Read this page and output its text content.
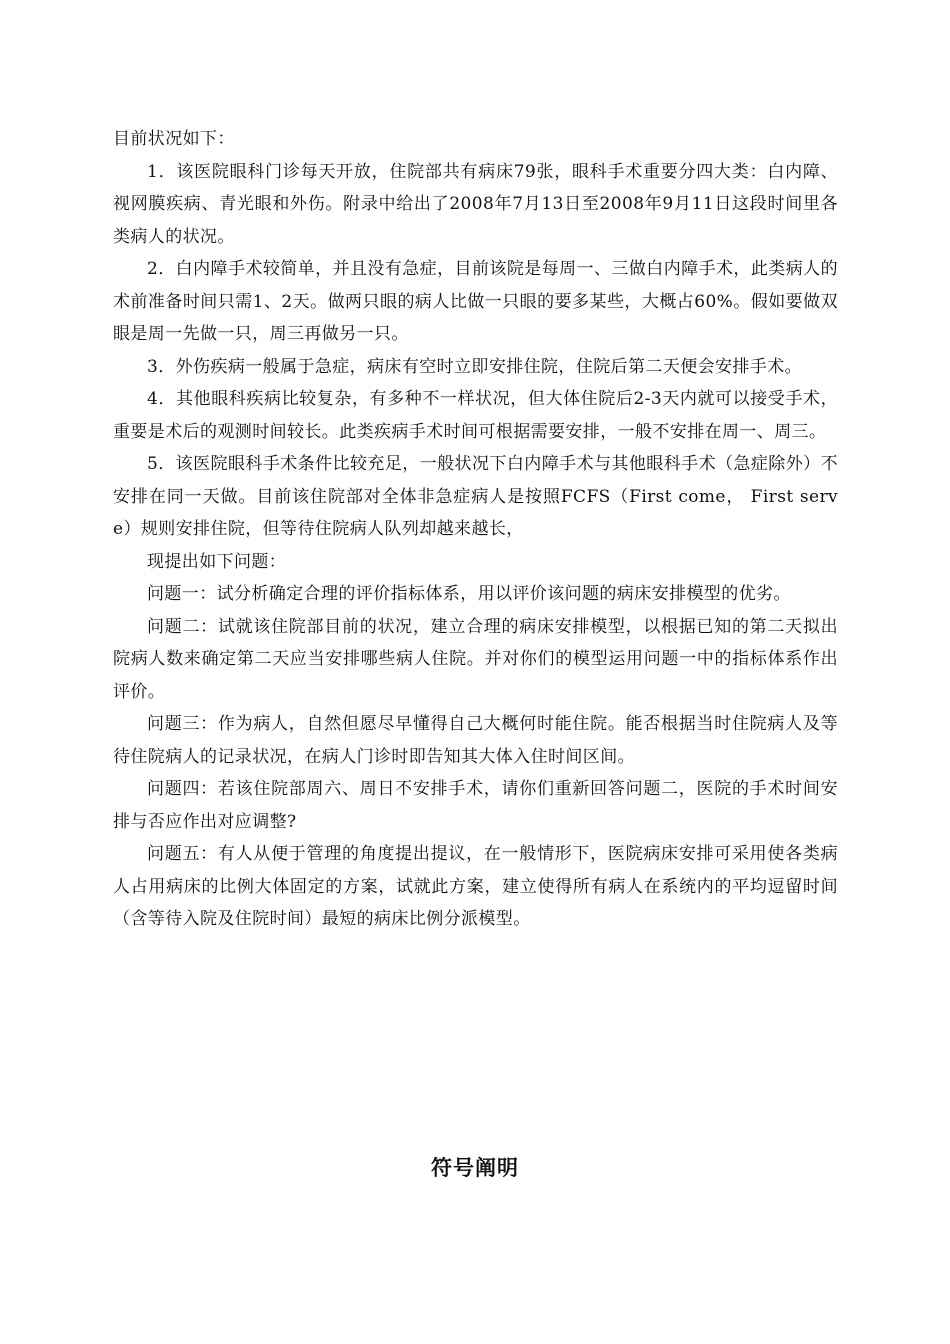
目前状况如下：

1．该医院眼科门诊每天开放，住院部共有病床79张，眼科手术重要分四大类：白内障、视网膜疾病、青光眼和外伤。附录中给出了2008年7月13日至2008年9月11日这段时间里各类病人的状况。

2．白内障手术较简单，并且没有急症，目前该院是每周一、三做白内障手术，此类病人的术前准备时间只需1、2天。做两只眼的病人比做一只眼的要多某些，大概占60%。假如要做双眼是周一先做一只，周三再做另一只。

3．外伤疾病一般属于急症，病床有空时立即安排住院，住院后第二天便会安排手术。

4．其他眼科疾病比较复杂，有多种不一样状况，但大体住院后2-3天内就可以接受手术，重要是术后的观测时间较长。此类疾病手术时间可根据需要安排，一般不安排在周一、周三。

5．该医院眼科手术条件比较充足，一般状况下白内障手术与其他眼科手术（急症除外）不安排在同一天做。目前该住院部对全体非急症病人是按照FCFS（First come， First serve）规则安排住院，但等待住院病人队列却越来越长，

现提出如下问题：

问题一：试分析确定合理的评价指标体系，用以评价该问题的病床安排模型的优劣。

问题二：试就该住院部目前的状况，建立合理的病床安排模型，以根据已知的第二天拟出院病人数来确定第二天应当安排哪些病人住院。并对你们的模型运用问题一中的指标体系作出评价。

问题三：作为病人，自然但愿尽早懂得自己大概何时能住院。能否根据当时住院病人及等待住院病人的记录状况，在病人门诊时即告知其大体入住时间区间。

问题四：若该住院部周六、周日不安排手术，请你们重新回答问题二，医院的手术时间安排与否应作出对应调整?

问题五：有人从便于管理的角度提出提议，在一般情形下，医院病床安排可采用使各类病人占用病床的比例大体固定的方案，试就此方案，建立使得所有病人在系统内的平均逗留时间（含等待入院及住院时间）最短的病床比例分派模型。

符号阐明
